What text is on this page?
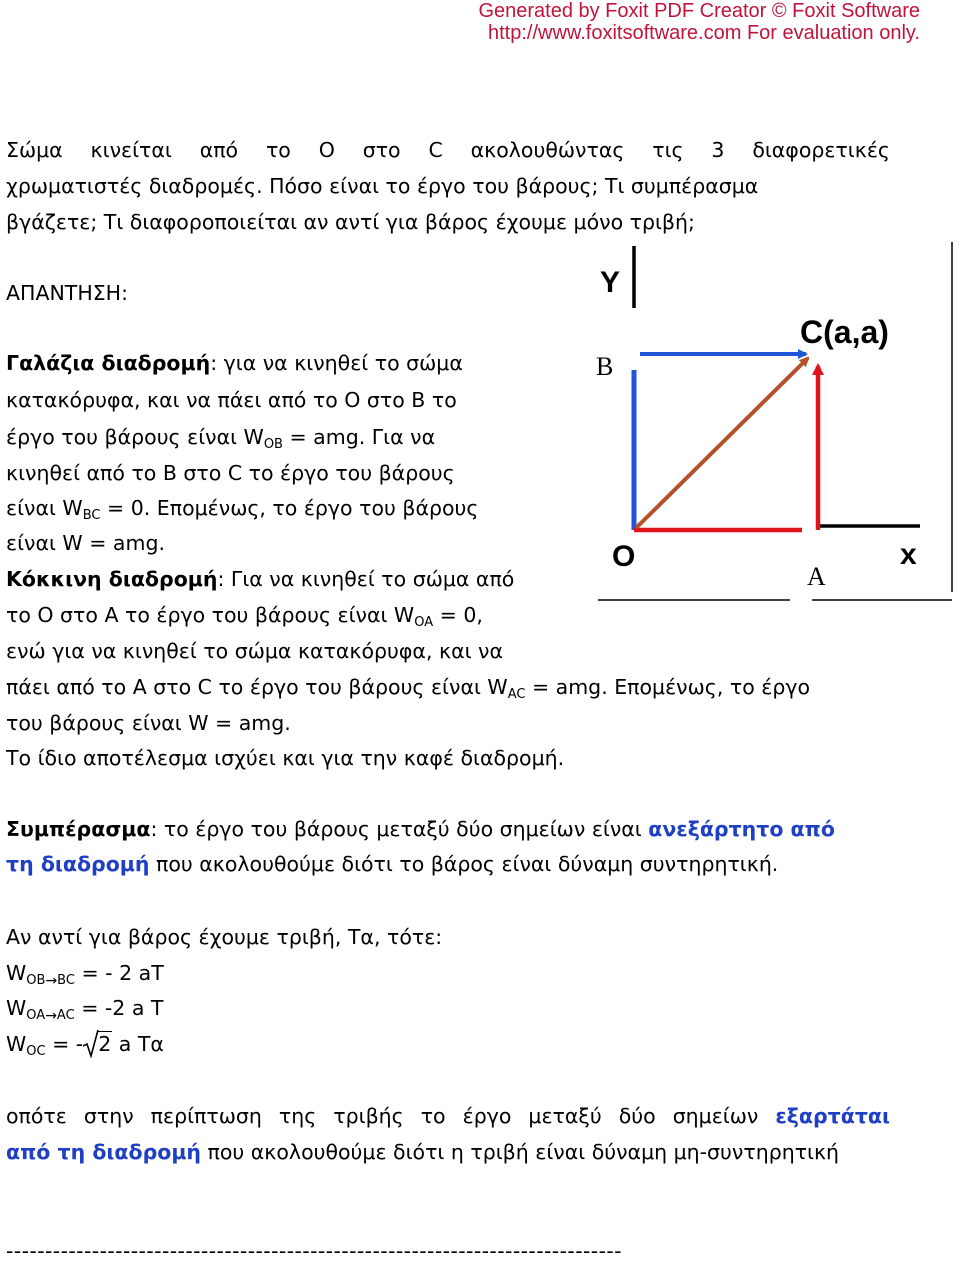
Generated by Foxit PDF Creator © Foxit Software
http://www.foxitsoftware.com For evaluation only.
Σώμα κινείται από το O στο C ακολουθώντας τις 3 διαφορετικές
χρωματιστές διαδρομές. Πόσο είναι το έργο του βάρους; Τι συμπέρασμα
βγάζετε; Τι διαφοροποιείται αν αντί για βάρος έχουμε μόνο τριβή;
ΑΠΑΝΤΗΣΗ:
Γαλάζια διαδρομή: για να κινηθεί το σώμα
κατακόρυφα, και να πάει από το O στο B το
έργο του βάρους είναι $W_{OB}$ = amg. Για να
κινηθεί από το B στο C το έργο του βάρους
είναι $W_{BC} = 0$. Επομένως, το έργο του βάρους
είναι W = amg.
Κόκκινη διαδρομή: Για να κινηθεί το σώμα από
το O στο A το έργο του βάρους είναι $W_{OA} = 0$,
ενώ για να κινηθεί το σώμα κατακόρυφα, και να
πάει από το A στο C το έργο του βάρους είναι $W_{AC}$ = amg. Επομένως, το έργο
του βάρους είναι W = amg.
Το ίδιο αποτέλεσμα ισχύει και για την καφέ διαδρομή.
Συμπέρασμα: το έργο του βάρους μεταξύ δύο σημείων είναι ανεξάρτητο από
τη διαδρομή που ακολουθούμε διότι το βάρος είναι δύναμη συντηρητική.
Αν αντί για βάρος έχουμε τριβή, Τα, τότε:
$W_{OB\to BC}$ = - 2 aT
$W_{OA\to AC} = -2$ a T
$W_{OC}$ = - 2 a Τα
οπότε στην περίπτωση της τριβής το έργο μεταξύ δύο σημείων εξαρτάται
από τη διαδρομή που ακολουθούμε διότι η τριβή είναι δύναμη μη-συντηρητική
-------------------------------------------------------------------------------
Y
B
C(a,a)
O
A
x
